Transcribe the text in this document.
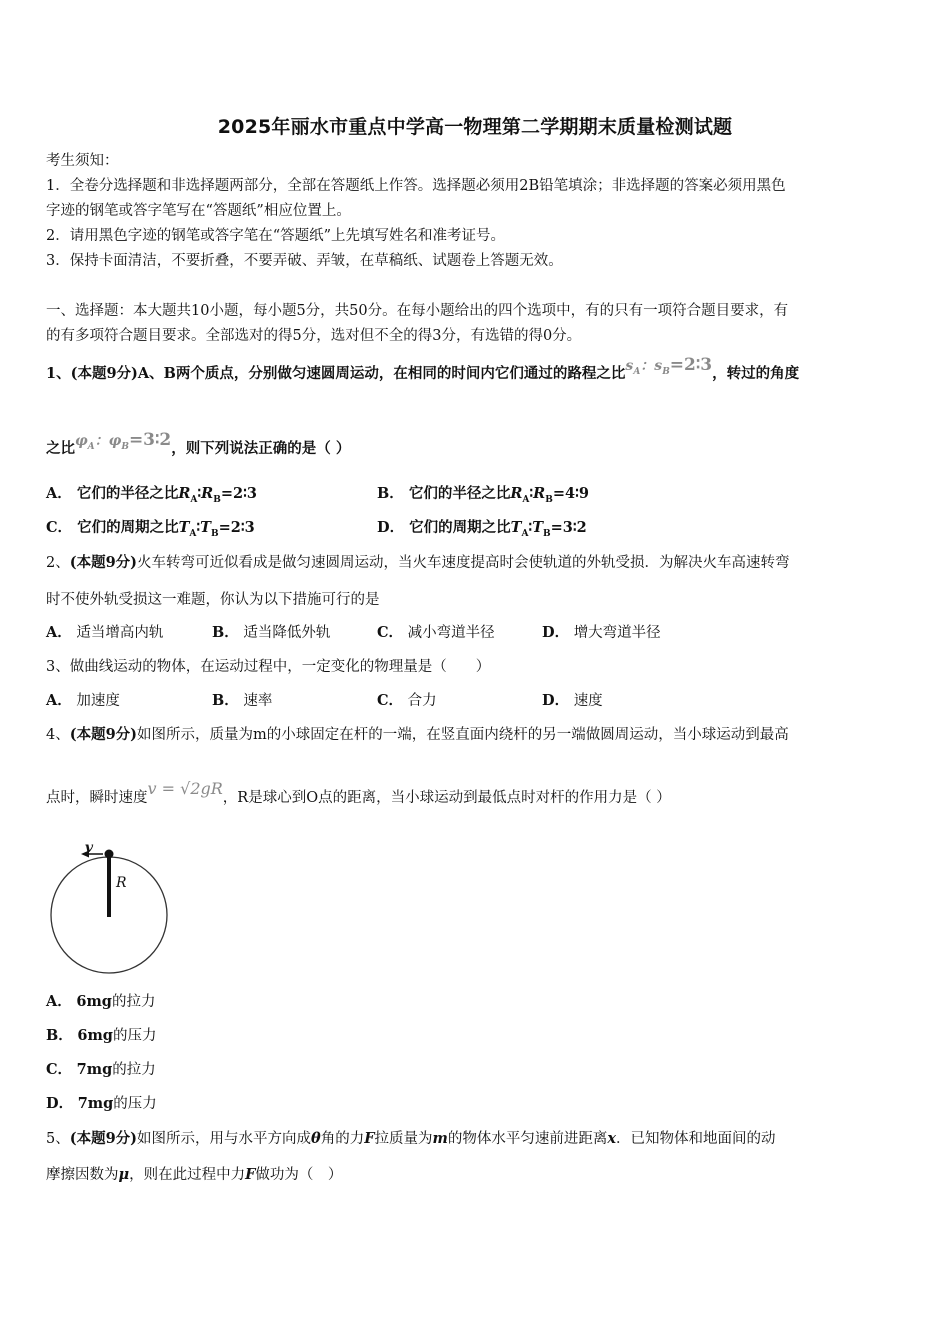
2025年丽水市重点中学高一物理第二学期期末质量检测试题
考生须知：
1．全卷分选择题和非选择题两部分，全部在答题纸上作答。选择题必须用2B铅笔填涂；非选择题的答案必须用黑色
字迹的钢笔或答字笔写在“答题纸”相应位置上。
2．请用黑色字迹的钢笔或答字笔在“答题纸”上先填写姓名和准考证号。
3．保持卡面清洁，不要折叠，不要弄破、弄皱，在草稿纸、试题卷上答题无效。
一、选择题：本大题共10小题，每小题5分，共50分。在每小题给出的四个选项中，有的只有一项符合题目要求，有
的有多项符合题目要求。全部选对的得5分，选对但不全的得3分，有选错的得0分。
1、(本题9分)A、B两个质点，分别做匀速圆周运动，在相同的时间内它们通过的路程之比$s_A$：$s_B=2∶3$，转过的角度
之比$\varphi_A$：$\varphi_B=3∶2$，则下列说法正确的是（ ）
A． 它们的半径之比$R_A∶R_B=2∶3$	B． 它们的半径之比$R_A∶R_B=4∶9$
C． 它们的周期之比$T_A∶T_B=2∶3$	D． 它们的周期之比$T_A∶T_B=3∶2$
2、(本题9分)火车转弯可近似看成是做匀速圆周运动，当火车速度提高时会使轨道的外轨受损．为解决火车高速转弯
时不使外轨受损这一难题，你认为以下措施可行的是
A． 适当增高内轨	B． 适当降低外轨	C． 减小弯道半径	D． 增大弯道半径
3、做曲线运动的物体，在运动过程中，一定变化的物理量是（　　）
A． 加速度	B． 速率	C． 合力	D． 速度
4、(本题9分)如图所示，质量为m的小球固定在杆的一端，在竖直面内绕杆的另一端做圆周运动，当小球运动到最高
点时，瞬时速度v = √2gR，R是球心到O点的距离，当小球运动到最低点时对杆的作用力是（ ）
v
R
A． 6mg的拉力
B． 6mg的压力
C． 7mg的拉力
D． 7mg的压力
5、(本题9分)如图所示，用与水平方向成θ角的力F拉质量为m的物体水平匀速前进距离x．已知物体和地面间的动
摩擦因数为μ，则在此过程中力F做功为（　）
